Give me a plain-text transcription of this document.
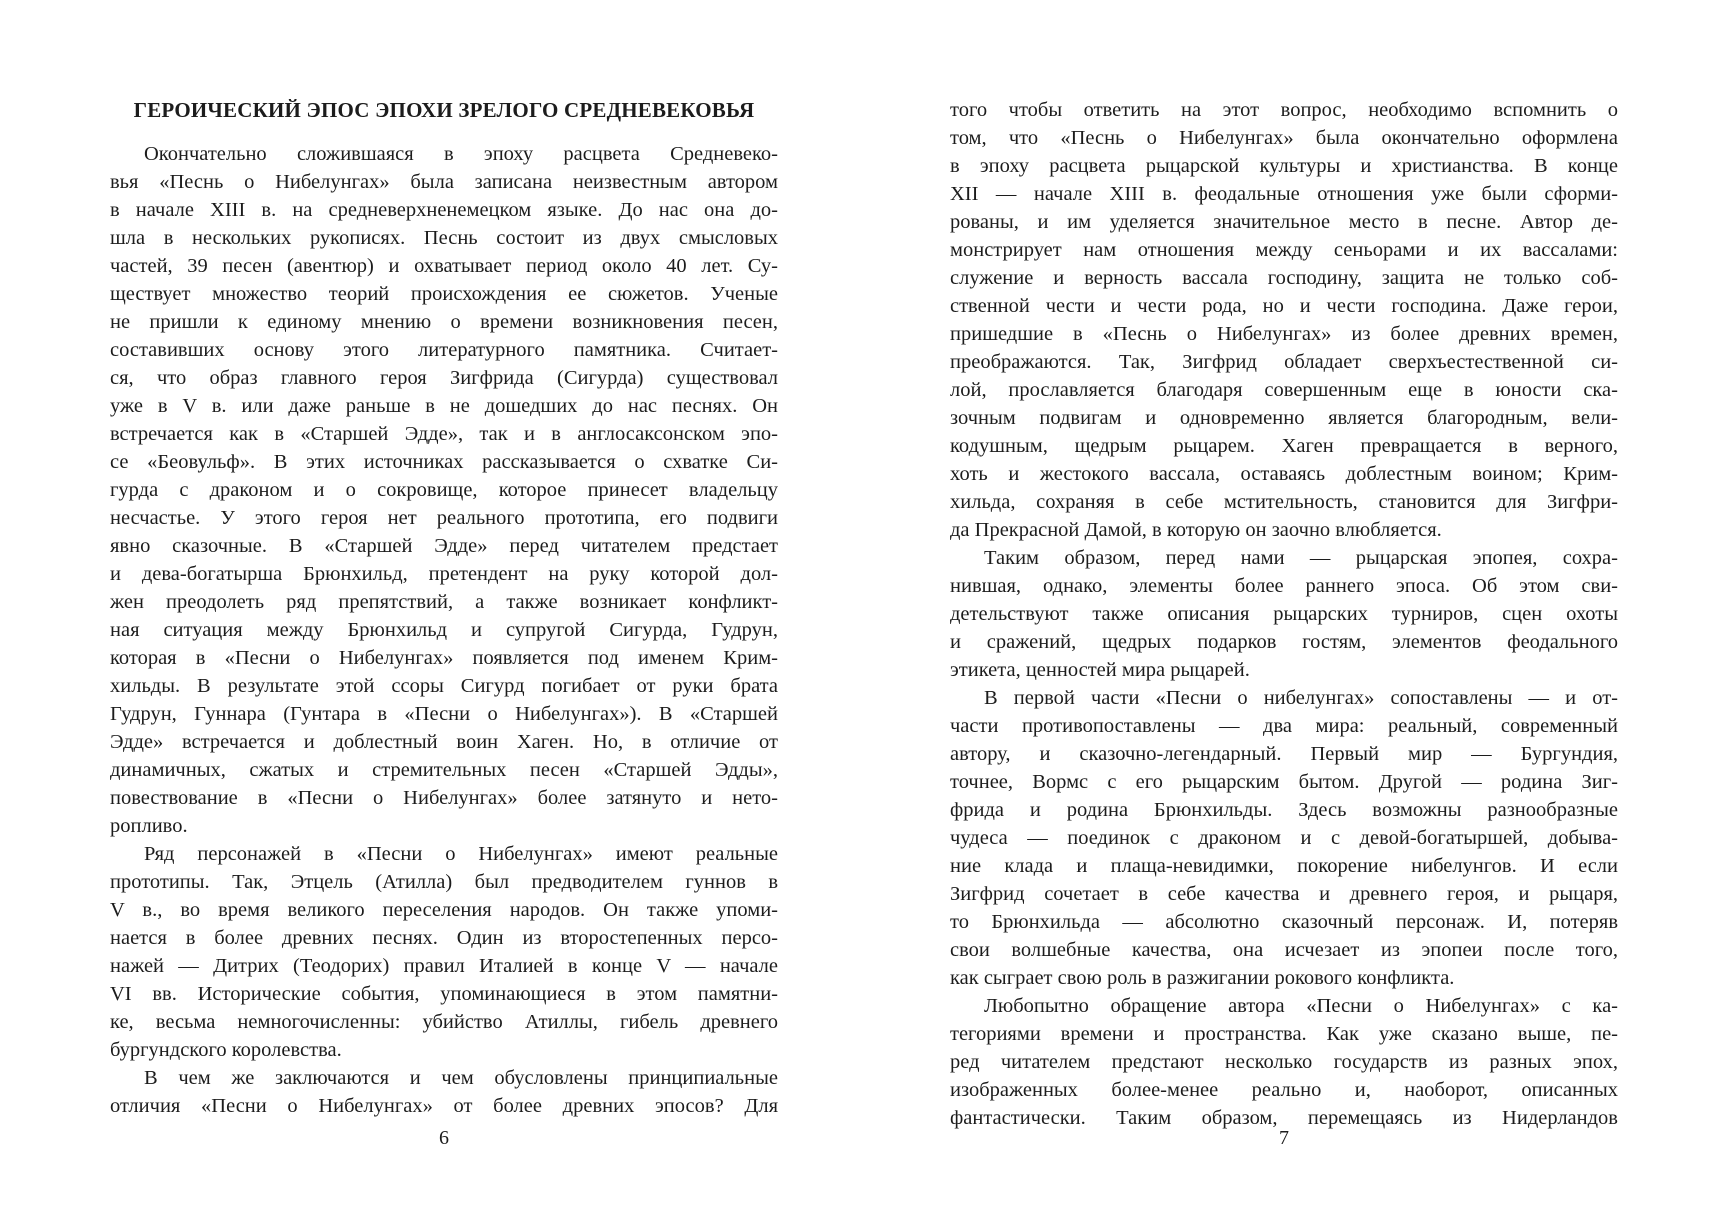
ГЕРОИЧЕСКИЙ ЭПОС ЭПОХИ ЗРЕЛОГО СРЕДНЕВЕКОВЬЯ
Окончательно сложившаяся в эпоху расцвета Средневеко-
вья «Песнь о Нибелунгах» была записана неизвестным автором
в начале XIII в. на средневерхненемецком языке. До нас она до-
шла в нескольких рукописях. Песнь состоит из двух смысловых
частей, 39 песен (авентюр) и охватывает период около 40 лет. Су-
ществует множество теорий происхождения ее сюжетов. Ученые
не пришли к единому мнению о времени возникновения песен,
составивших основу этого литературного памятника. Считает-
ся, что образ главного героя Зигфрида (Сигурда) существовал
уже в V в. или даже раньше в не дошедших до нас песнях. Он
встречается как в «Старшей Эдде», так и в англосаксонском эпо-
се «Беовульф». В этих источниках рассказывается о схватке Си-
гурда с драконом и о сокровище, которое принесет владельцу
несчастье. У этого героя нет реального прототипа, его подвиги
явно сказочные. В «Старшей Эдде» перед читателем предстает
и дева-богатырша Брюнхильд, претендент на руку которой дол-
жен преодолеть ряд препятствий, а также возникает конфликт-
ная ситуация между Брюнхильд и супругой Сигурда, Гудрун,
которая в «Песни о Нибелунгах» появляется под именем Крим-
хильды. В результате этой ссоры Сигурд погибает от руки брата
Гудрун, Гуннара (Гунтара в «Песни о Нибелунгах»). В «Старшей
Эдде» встречается и доблестный воин Хаген. Но, в отличие от
динамичных, сжатых и стремительных песен «Старшей Эдды»,
повествование в «Песни о Нибелунгах» более затянуто и нето-
ропливо.
Ряд персонажей в «Песни о Нибелунгах» имеют реальные
прототипы. Так, Этцель (Атилла) был предводителем гуннов в
V в., во время великого переселения народов. Он также упоми-
нается в более древних песнях. Один из второстепенных персо-
нажей — Дитрих (Теодорих) правил Италией в конце V — начале
VI вв. Исторические события, упоминающиеся в этом памятни-
ке, весьма немногочисленны: убийство Атиллы, гибель древнего
бургундского королевства.
В чем же заключаются и чем обусловлены принципиальные
отличия «Песни о Нибелунгах» от более древних эпосов? Для
того чтобы ответить на этот вопрос, необходимо вспомнить о
том, что «Песнь о Нибелунгах» была окончательно оформлена
в эпоху расцвета рыцарской культуры и христианства. В конце
XII — начале XIII в. феодальные отношения уже были сформи-
рованы, и им уделяется значительное место в песне. Автор де-
монстрирует нам отношения между сеньорами и их вассалами:
служение и верность вассала господину, защита не только соб-
ственной чести и чести рода, но и чести господина. Даже герои,
пришедшие в «Песнь о Нибелунгах» из более древних времен,
преображаются. Так, Зигфрид обладает сверхъестественной си-
лой, прославляется благодаря совершенным еще в юности ска-
зочным подвигам и одновременно является благородным, вели-
кодушным, щедрым рыцарем. Хаген превращается в верного,
хоть и жестокого вассала, оставаясь доблестным воином; Крим-
хильда, сохраняя в себе мстительность, становится для Зигфри-
да Прекрасной Дамой, в которую он заочно влюбляется.
Таким образом, перед нами — рыцарская эпопея, сохра-
нившая, однако, элементы более раннего эпоса. Об этом сви-
детельствуют также описания рыцарских турниров, сцен охоты
и сражений, щедрых подарков гостям, элементов феодального
этикета, ценностей мира рыцарей.
В первой части «Песни о нибелунгах» сопоставлены — и от-
части противопоставлены — два мира: реальный, современный
автору, и сказочно-легендарный. Первый мир — Бургундия,
точнее, Вормс с его рыцарским бытом. Другой — родина Зиг-
фрида и родина Брюнхильды. Здесь возможны разнообразные
чудеса — поединок с драконом и с девой-богатыршей, добыва-
ние клада и плаща-невидимки, покорение нибелунгов. И если
Зигфрид сочетает в себе качества и древнего героя, и рыцаря,
то Брюнхильда — абсолютно сказочный персонаж. И, потеряв
свои волшебные качества, она исчезает из эпопеи после того,
как сыграет свою роль в разжигании рокового конфликта.
Любопытно обращение автора «Песни о Нибелунгах» с ка-
тегориями времени и пространства. Как уже сказано выше, пе-
ред читателем предстают несколько государств из разных эпох,
изображенных более-менее реально и, наоборот, описанных
фантастически. Таким образом, перемещаясь из Нидерландов
6	7
